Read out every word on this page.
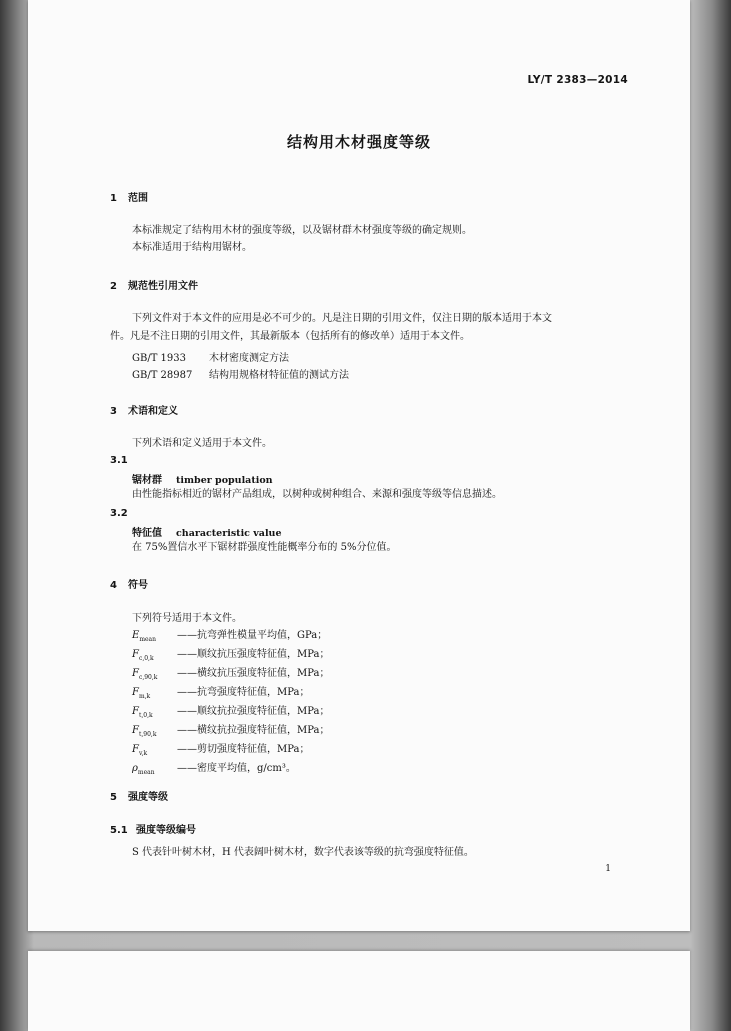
LY/T 2383—2014
结构用木材强度等级
1 范围
本标准规定了结构用木材的强度等级，以及锯材群木材强度等级的确定规则。
本标准适用于结构用锯材。
2 规范性引用文件
下列文件对于本文件的应用是必不可少的。凡是注日期的引用文件，仅注日期的版本适用于本文
件。凡是不注日期的引用文件，其最新版本（包括所有的修改单）适用于本文件。
GB/T 1933 木材密度测定方法
GB/T 28987 结构用规格材特征值的测试方法
3 术语和定义
下列术语和定义适用于本文件。
3.1
锯材群 timber population
由性能指标相近的锯材产品组成，以树种或树种组合、来源和强度等级等信息描述。
3.2
特征值 characteristic value
在 75%置信水平下锯材群强度性能概率分布的 5%分位值。
4 符号
下列符号适用于本文件。
$E_{mean}$ ——抗弯弹性模量平均值，GPa；
$F_{c,0,k}$ ——顺纹抗压强度特征值，MPa；
$F_{c,90,k}$ ——横纹抗压强度特征值，MPa；
$F_{m,k}$	——抗弯强度特征值，MPa；
$F_{t,0,k}$ ——顺纹抗拉强度特征值，MPa；
$F_{t,90,k}$ ——横纹抗拉强度特征值，MPa；
$F_{v,k}$	——剪切强度特征值，MPa；
$\rho_{mean}$ ——密度平均值，g/cm³。
5 强度等级
5.1 强度等级编号
S 代表针叶树木材，H 代表阔叶树木材，数字代表该等级的抗弯强度特征值。
1
